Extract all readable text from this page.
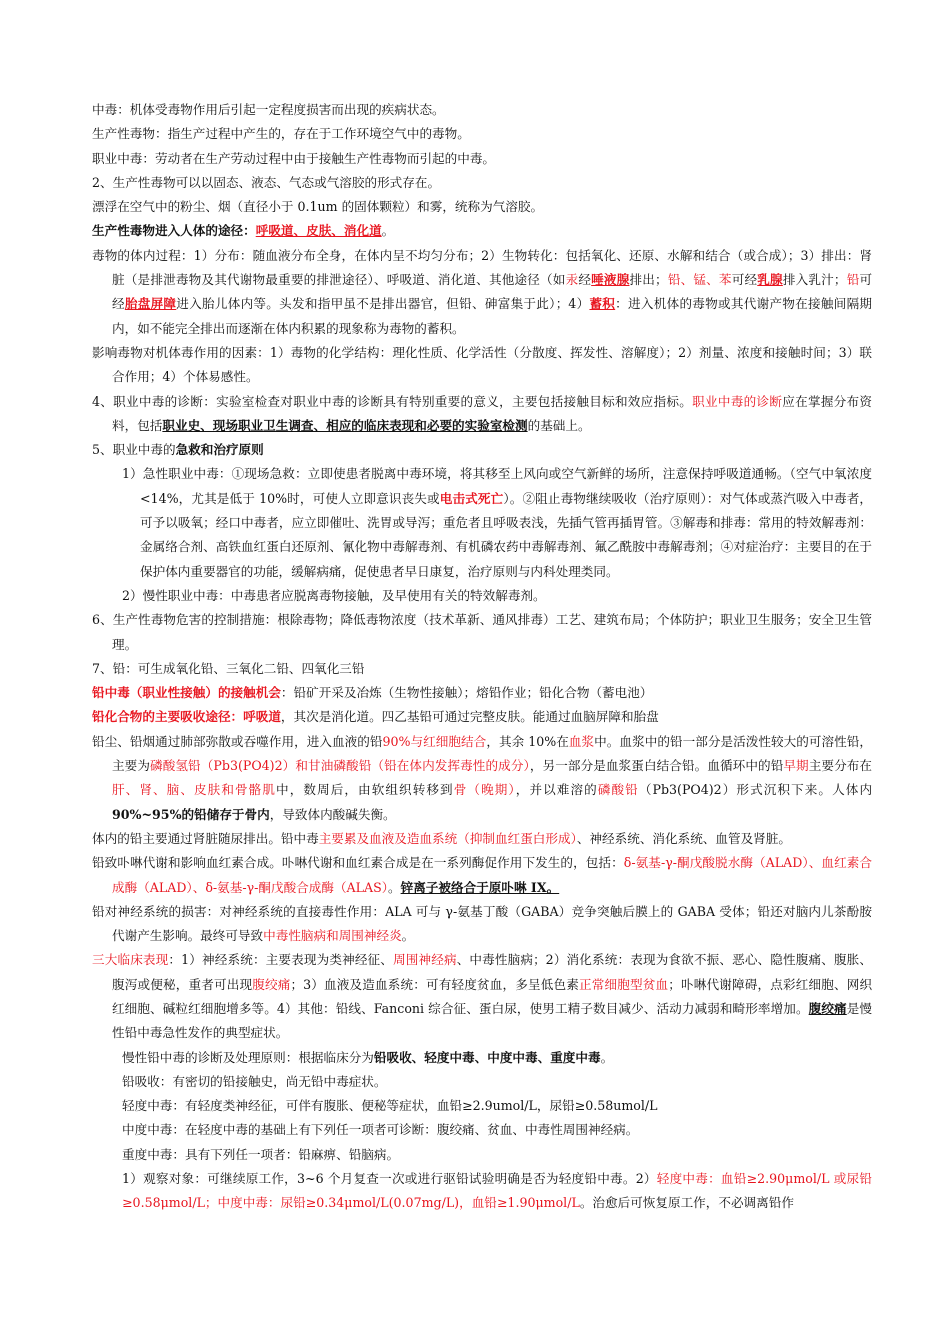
中毒：机体受毒物作用后引起一定程度损害而出现的疾病状态。

生产性毒物：指生产过程中产生的，存在于工作环境空气中的毒物。

职业中毒：劳动者在生产劳动过程中由于接触生产性毒物而引起的中毒。

2、生产性毒物可以以固态、液态、气态或气溶胶的形式存在。

漂浮在空气中的粉尘、烟（直径小于 0.1um 的固体颗粒）和雾，统称为气溶胶。

生产性毒物进入人体的途径：呼吸道、皮肤、消化道。

毒物的体内过程：1）分布：随血液分布全身，在体内呈不均匀分布；2）生物转化：包括氧化、还原、水解和结合（或合成）；3）排出：肾脏（是排泄毒物及其代谢物最重要的排泄途径）、呼吸道、消化道、其他途径（如汞经唾液腺排出；铅、锰、苯可经乳腺排入乳汁；铅可经胎盘屏障进入胎儿体内等。头发和指甲虽不是排出器官，但铅、砷富集于此）；4）蓄积：进入机体的毒物或其代谢产物在接触间隔期内，如不能完全排出而逐渐在体内积累的现象称为毒物的蓄积。

影响毒物对机体毒作用的因素：1）毒物的化学结构：理化性质、化学活性（分散度、挥发性、溶解度）；2）剂量、浓度和接触时间；3）联合作用；4）个体易感性。

4、职业中毒的诊断：实验室检查对职业中毒的诊断具有特别重要的意义，主要包括接触目标和效应指标。职业中毒的诊断应在掌握分布资料，包括职业史、现场职业卫生调查、相应的临床表现和必要的实验室检测的基础上。

5、职业中毒的急救和治疗原则

1）急性职业中毒：①现场急救：立即使患者脱离中毒环境，将其移至上风向或空气新鲜的场所，注意保持呼吸道通畅。（空气中氧浓度<14%，尤其是低于 10%时，可使人立即意识丧失或电击式死亡）。②阻止毒物继续吸收（治疗原则）：对气体或蒸汽吸入中毒者，可予以吸氧；经口中毒者，应立即催吐、洗胃或导泻；重危者且呼吸表浅，先插气管再插胃管。③解毒和排毒：常用的特效解毒剂：金属络合剂、高铁血红蛋白还原剂、氰化物中毒解毒剂、有机磷农药中毒解毒剂、氟乙酰胺中毒解毒剂；④对症治疗：主要目的在于保护体内重要器官的功能，缓解病痛，促使患者早日康复，治疗原则与内科处理类同。

2）慢性职业中毒：中毒患者应脱离毒物接触，及早使用有关的特效解毒剂。

6、生产性毒物危害的控制措施：根除毒物；降低毒物浓度（技术革新、通风排毒）工艺、建筑布局；个体防护；职业卫生服务；安全卫生管理。

7、铅：可生成氧化铅、三氧化二铅、四氧化三铅

铅中毒（职业性接触）的接触机会：铅矿开采及冶炼（生物性接触）；熔铅作业；铅化合物（蓄电池）

铅化合物的主要吸收途径：呼吸道，其次是消化道。四乙基铅可通过完整皮肤。能通过血脑屏障和胎盘

铅尘、铅烟通过肺部弥散或吞噬作用，进入血液的铅90%与红细胞结合，其余 10%在血浆中。血浆中的铅一部分是活泼性较大的可溶性铅，主要为磷酸氢铅（Pb3(PO4)2）和甘油磷酸铅（铅在体内发挥毒性的成分），另一部分是血浆蛋白结合铅。血循环中的铅早期主要分布在肝、肾、脑、皮肤和骨骼肌中，数周后，由软组织转移到骨（晚期），并以难溶的磷酸铅（Pb3(PO4)2）形式沉积下来。人体内 90%~95%的铅储存于骨内，导致体内酸碱失衡。

体内的铅主要通过肾脏随尿排出。铅中毒主要累及血液及造血系统（抑制血红蛋白形成）、神经系统、消化系统、血管及肾脏。

铅致卟啉代谢和影响血红素合成。卟啉代谢和血红素合成是在一系列酶促作用下发生的，包括：δ-氨基-γ-酮戊酸脱水酶（ALAD）、血红素合成酶（ALAD）、δ-氨基-γ-酮戊酸合成酶（ALAS）。锌离子被络合于原卟啉 IX。

铅对神经系统的损害：对神经系统的直接毒性作用：ALA 可与 γ-氨基丁酸（GABA）竞争突触后膜上的 GABA 受体；铅还对脑内儿茶酚胺代谢产生影响。最终可导致中毒性脑病和周围神经炎。

三大临床表现：1）神经系统：主要表现为类神经征、周围神经病、中毒性脑病；2）消化系统：表现为食欲不振、恶心、隐性腹痛、腹胀、腹泻或便秘，重者可出现腹绞痛；3）血液及造血系统：可有轻度贫血，多呈低色素正常细胞型贫血；卟啉代谢障碍，点彩红细胞、网织红细胞、碱粒红细胞增多等。4）其他：铅线、Fanconi 综合征、蛋白尿，使男工精子数目减少、活动力减弱和畸形率增加。腹绞痛是慢性铅中毒急性发作的典型症状。

慢性铅中毒的诊断及处理原则：根据临床分为铅吸收、轻度中毒、中度中毒、重度中毒。

铅吸收：有密切的铅接触史，尚无铅中毒症状。

轻度中毒：有轻度类神经征，可伴有腹胀、便秘等症状，血铅≥2.9umol/L，尿铅≥0.58umol/L

中度中毒：在轻度中毒的基础上有下列任一项者可诊断：腹绞痛、贫血、中毒性周围神经病。

重度中毒：具有下列任一项者：铅麻痹、铅脑病。

1）观察对象：可继续原工作，3~6 个月复查一次或进行驱铅试验明确是否为轻度铅中毒。2）轻度中毒：血铅≥2.90μmol/L 或尿铅≥0.58μmol/L；中度中毒：尿铅≥0.34μmol/L(0.07mg/L)，血铅≥1.90μmol/L。治愈后可恢复原工作，不必调离铅作
